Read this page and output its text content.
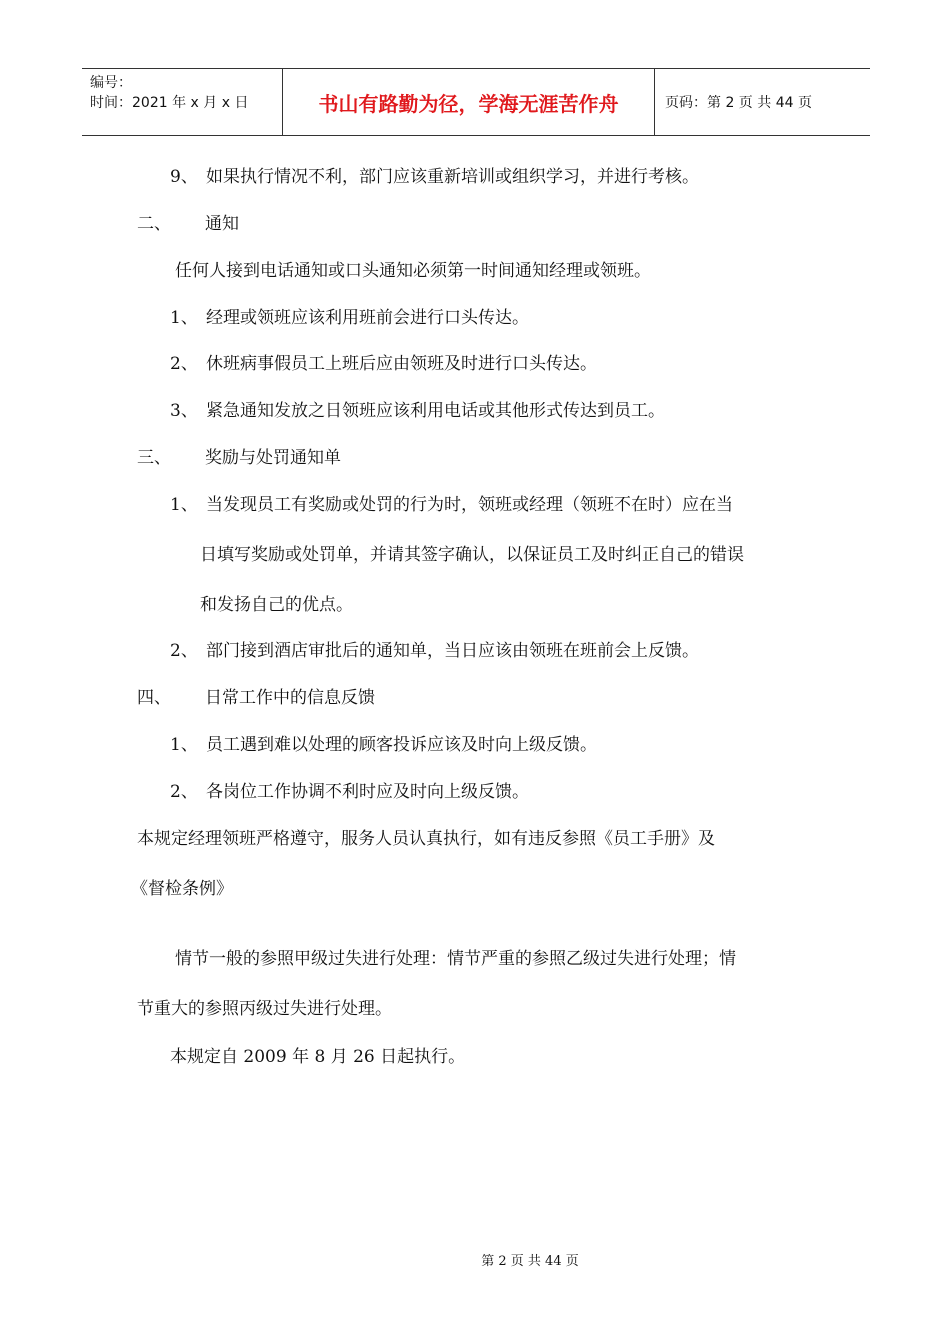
编号：
时间：2021 年 x 月 x 日	书山有路勤为径，学海无涯苦作舟	页码：第 2 页 共 44 页
9、 如果执行情况不利，部门应该重新培训或组织学习，并进行考核。
二、 通知
任何人接到电话通知或口头通知必须第一时间通知经理或领班。
1、 经理或领班应该利用班前会进行口头传达。
2、 休班病事假员工上班后应由领班及时进行口头传达。
3、 紧急通知发放之日领班应该利用电话或其他形式传达到员工。
三、 奖励与处罚通知单
1、 当发现员工有奖励或处罚的行为时，领班或经理（领班不在时）应在当
日填写奖励或处罚单，并请其签字确认，以保证员工及时纠正自己的错误
和发扬自己的优点。
2、 部门接到酒店审批后的通知单，当日应该由领班在班前会上反馈。
四、 日常工作中的信息反馈
1、 员工遇到难以处理的顾客投诉应该及时向上级反馈。
2、 各岗位工作协调不利时应及时向上级反馈。
本规定经理领班严格遵守，服务人员认真执行，如有违反参照《员工手册》及
《督检条例》
情节一般的参照甲级过失进行处理：情节严重的参照乙级过失进行处理；情
节重大的参照丙级过失进行处理。
本规定自 2009 年 8 月 26 日起执行。
第 2 页 共 44 页
